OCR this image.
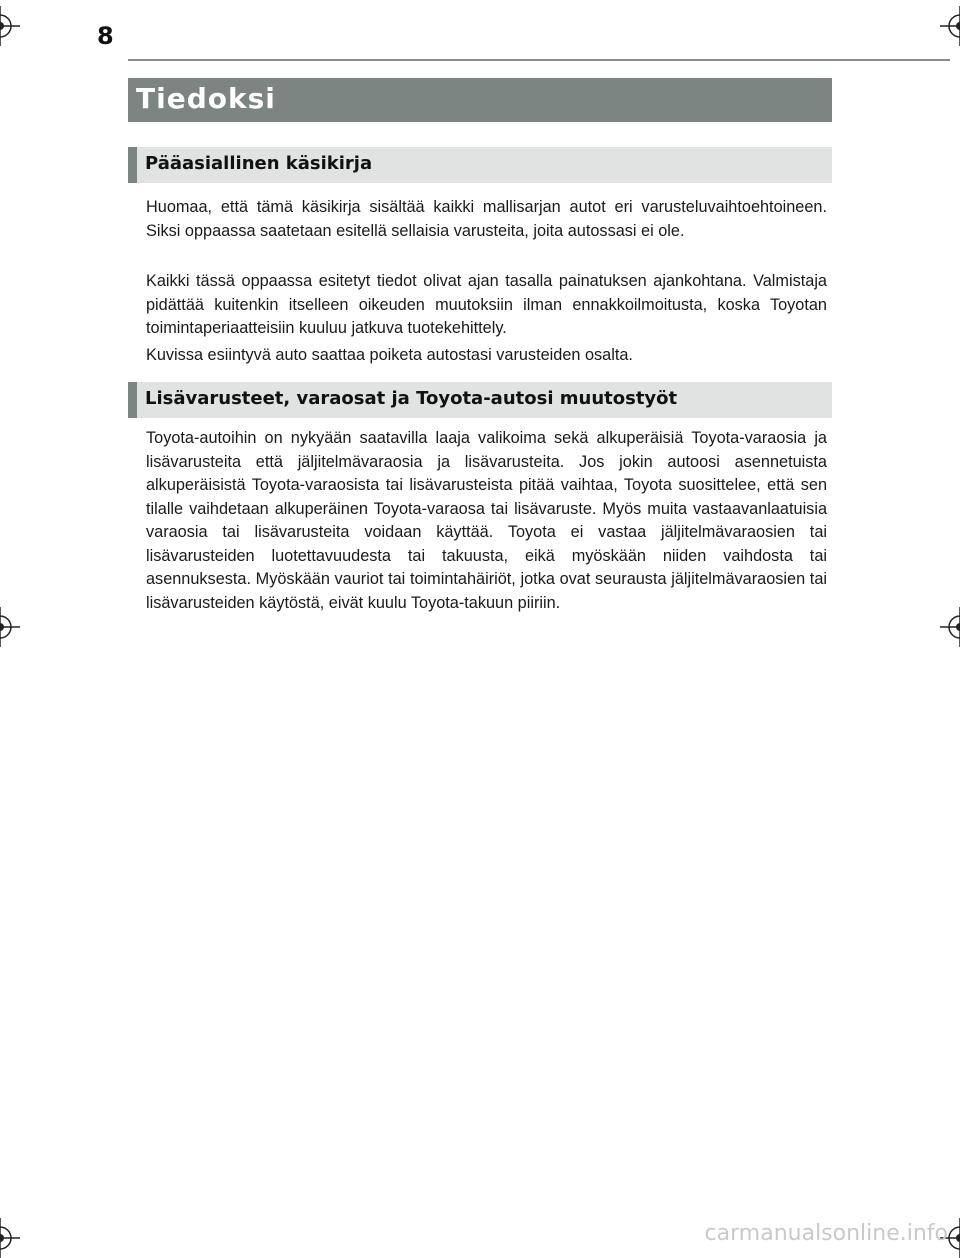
8
Tiedoksi
Pääasiallinen käsikirja

Huomaa, että tämä käsikirja sisältää kaikki mallisarjan autot eri varusteluvaihtoehtoineen. Siksi oppaassa saatetaan esitellä sellaisia varusteita, joita autossasi ei ole.

Kaikki tässä oppaassa esitetyt tiedot olivat ajan tasalla painatuksen ajankohtana. Valmistaja pidättää kuitenkin itselleen oikeuden muutoksiin ilman ennakkoilmoitusta, koska Toyotan toimintaperiaatteisiin kuuluu jatkuva tuotekehittely.

Kuvissa esiintyvä auto saattaa poiketa autostasi varusteiden osalta.

Lisävarusteet, varaosat ja Toyota-autosi muutostyöt

Toyota-autoihin on nykyään saatavilla laaja valikoima sekä alkuperäisiä Toyota-varaosia ja lisävarusteita että jäljitelmävaraosia ja lisävarusteita. Jos jokin autoosi asennetuista alkuperäisistä Toyota-varaosista tai lisävarusteista pitää vaihtaa, Toyota suosittelee, että sen tilalle vaihdetaan alkuperäinen Toyota-varaosa tai lisävaruste. Myös muita vastaavanlaatuisia varaosia tai lisävarusteita voidaan käyttää. Toyota ei vastaa jäljitelmävaraosien tai lisävarusteiden luotettavuudesta tai takuusta, eikä myöskään niiden vaihdosta tai asennuksesta. Myöskään vauriot tai toimintahäiriöt, jotka ovat seurausta jäljitelmävaraosien tai lisävarusteiden käytöstä, eivät kuulu Toyota-takuun piiriin.

carmanualsonline.info
